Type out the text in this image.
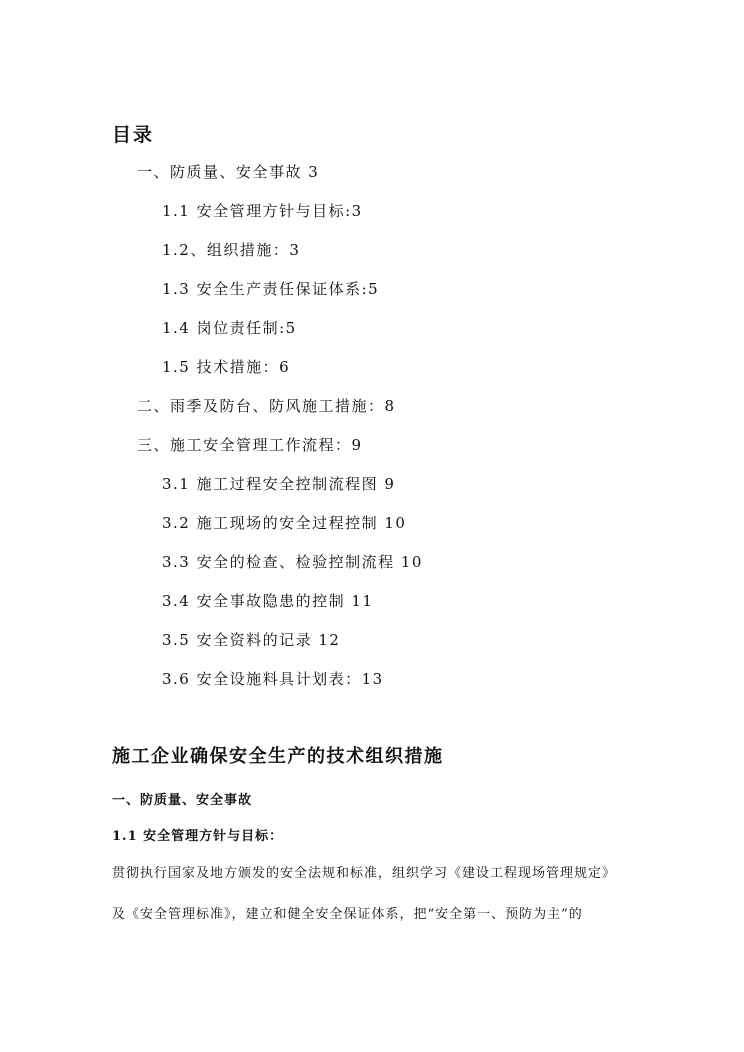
目录
一、防质量、安全事故 3
1.1 安全管理方针与目标:3
1.2、组织措施：3
1.3 安全生产责任保证体系:5
1.4 岗位责任制:5
1.5 技术措施：6
二、雨季及防台、防风施工措施：8
三、施工安全管理工作流程：9
3.1 施工过程安全控制流程图 9
3.2 施工现场的安全过程控制 10
3.3 安全的检查、检验控制流程 10
3.4 安全事故隐患的控制 11
3.5 安全资料的记录 12
3.6 安全设施料具计划表：13
施工企业确保安全生产的技术组织措施
一、防质量、安全事故
1.1 安全管理方针与目标：

贯彻执行国家及地方颁发的安全法规和标准，组织学习《建设工程现场管理规定》

及《安全管理标准》，建立和健全安全保证体系，把“安全第一、预防为主”的
